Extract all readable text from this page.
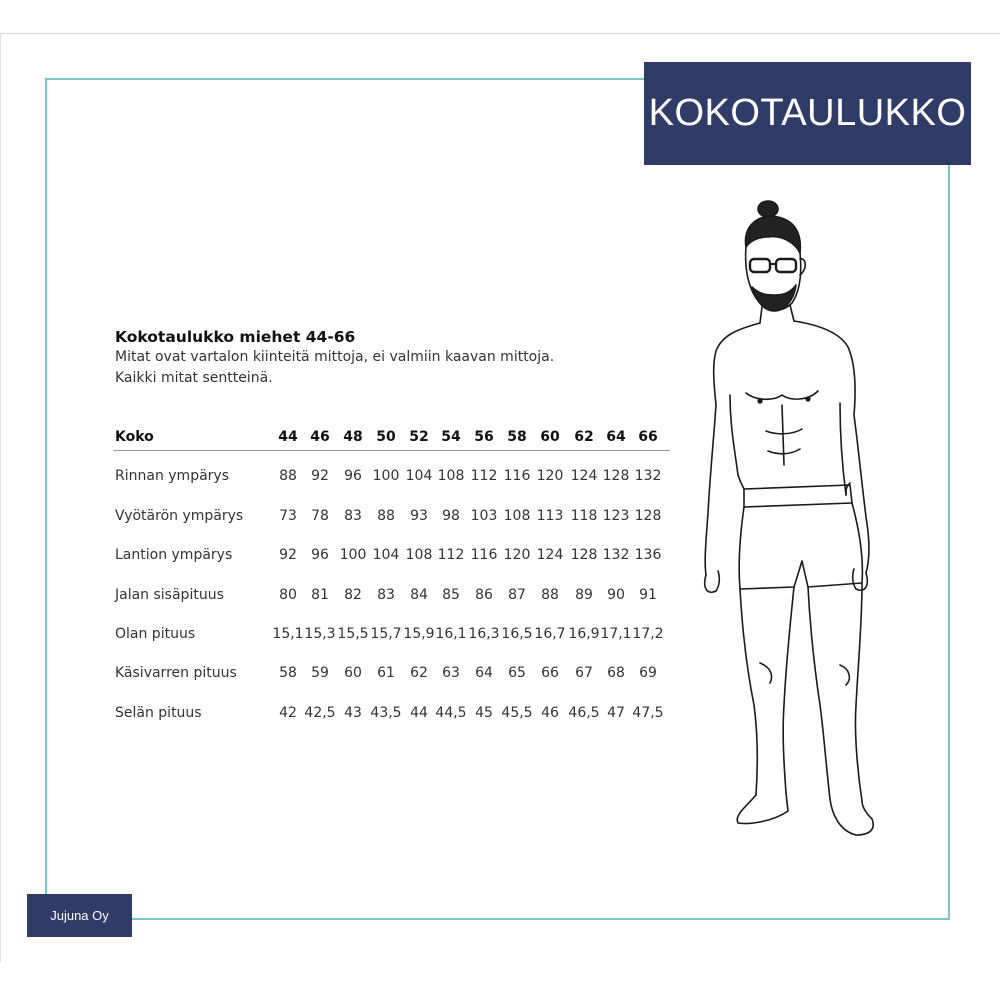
KOKOTAULUKKO
Kokotaulukko miehet 44-66
Mitat ovat vartalon kiinteitä mittoja, ei valmiin kaavan mittoja.
Kaikki mitat sentteinä.
Koko	44 46 48 50 52 54 56 58 60 62 64 66
Rinnan ympärys	88 92 96 100 104 108 112 116 120 124 128 132
Vyötärön ympärys	73 78 83 88 93 98 103 108 113 118 123 128
Lantion ympärys	92 96 100 104 108 112 116 120 124 128 132 136
Jalan sisäpituus	80 81 82 83 84 85 86 87 88 89 90 91
Olan pituus	15,1 15,3 15,5 15,7 15,9 16,1 16,3 16,5 16,7 16,9 17,1 17,2
Käsivarren pituus	58 59 60 61 62 63 64 65 66 67 68 69
Selän pituus	42 42,5 43 43,5 44 44,5 45 45,5 46 46,5 47 47,5
Jujuna Oy
